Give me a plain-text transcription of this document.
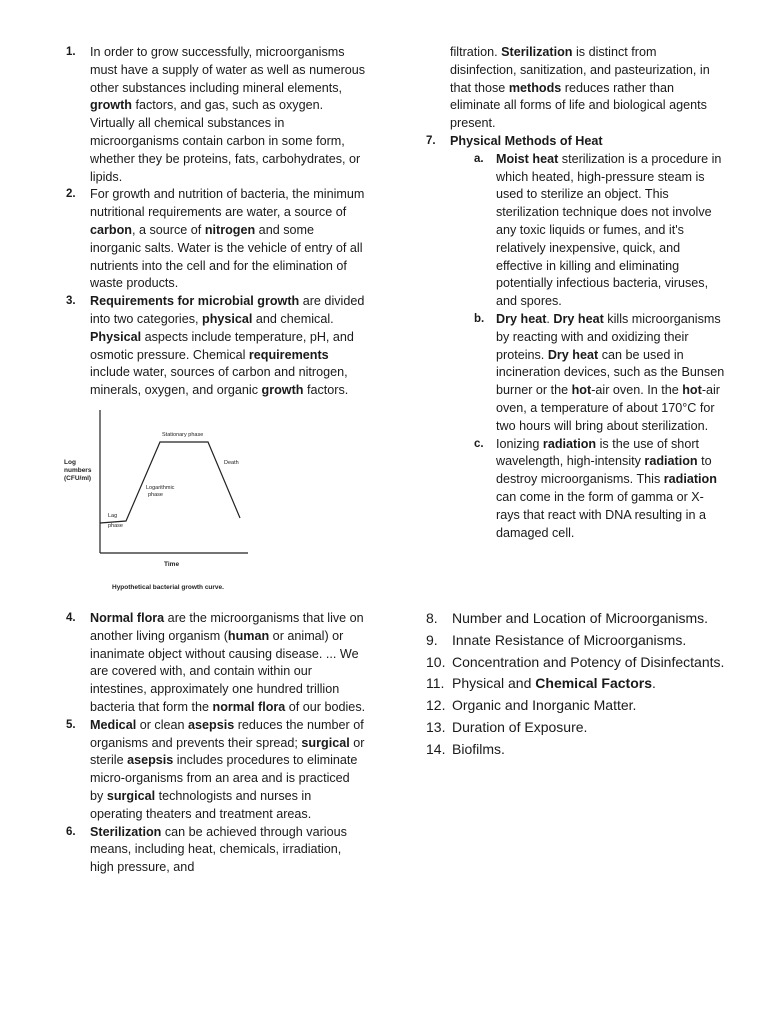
1. In order to grow successfully, microorganisms must have a supply of water as well as numerous other substances including mineral elements, growth factors, and gas, such as oxygen. Virtually all chemical substances in microorganisms contain carbon in some form, whether they be proteins, fats, carbohydrates, or lipids.
2. For growth and nutrition of bacteria, the minimum nutritional requirements are water, a source of carbon, a source of nitrogen and some inorganic salts. Water is the vehicle of entry of all nutrients into the cell and for the elimination of waste products.
3. Requirements for microbial growth are divided into two categories, physical and chemical. Physical aspects include temperature, pH, and osmotic pressure. Chemical requirements include water, sources of carbon and nitrogen, minerals, oxygen, and organic growth factors.
Log
numbers
(CFU/ml)
Stationary phase
Death
Logarithmic
phase
Lag
phase
Time
Hypothetical bacterial growth curve.
4. Normal flora are the microorganisms that live on another living organism (human or animal) or inanimate object without causing disease. ... We are covered with, and contain within our intestines, approximately one hundred trillion bacteria that form the normal flora of our bodies.
5. Medical or clean asepsis reduces the number of organisms and prevents their spread; surgical or sterile asepsis includes procedures to eliminate micro-organisms from an area and is practiced by surgical technologists and nurses in operating theaters and treatment areas.
6. Sterilization can be achieved through various means, including heat, chemicals, irradiation, high pressure, and
filtration. Sterilization is distinct from disinfection, sanitization, and pasteurization, in that those methods reduces rather than eliminate all forms of life and biological agents present.
7. Physical Methods of Heat
a. Moist heat sterilization is a procedure in which heated, high-pressure steam is used to sterilize an object. This sterilization technique does not involve any toxic liquids or fumes, and it's relatively inexpensive, quick, and effective in killing and eliminating potentially infectious bacteria, viruses, and spores.
b. Dry heat. Dry heat kills microorganisms by reacting with and oxidizing their proteins. Dry heat can be used in incineration devices, such as the Bunsen burner or the hot-air oven. In the hot-air oven, a temperature of about 170°C for two hours will bring about sterilization.
c. Ionizing radiation is the use of short wavelength, high-intensity radiation to destroy microorganisms. This radiation can come in the form of gamma or X-rays that react with DNA resulting in a damaged cell.
8. Number and Location of Microorganisms.
9. Innate Resistance of Microorganisms.
10. Concentration and Potency of Disinfectants.
11. Physical and Chemical Factors.
12. Organic and Inorganic Matter.
13. Duration of Exposure.
14. Biofilms.
